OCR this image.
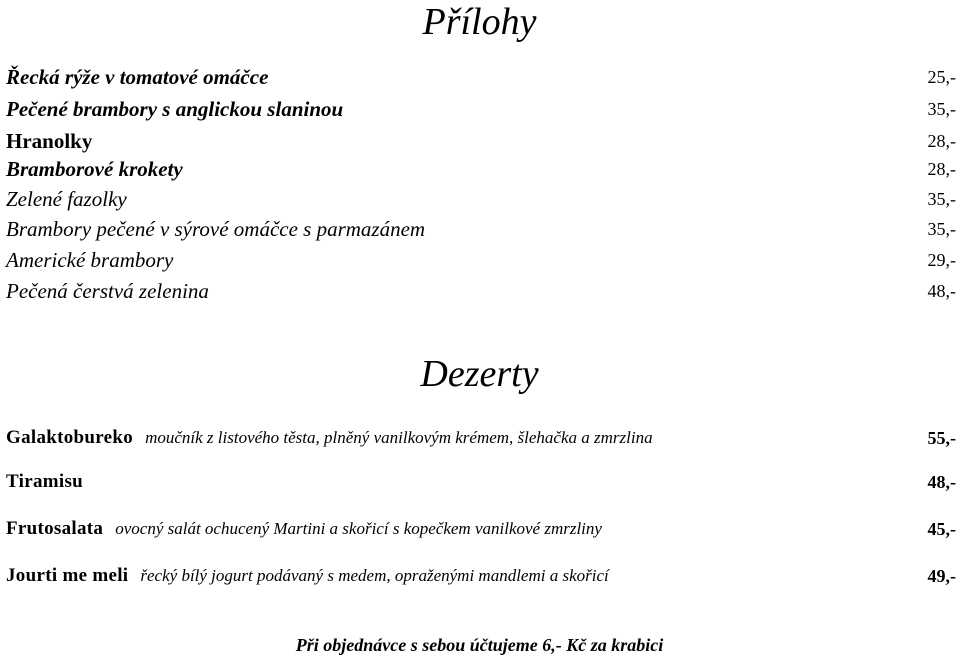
Přílohy
Řecká rýže v tomatové omáčce	25,-
Pečené brambory s anglickou slaninou	35,-
Hranolky	28,-
Bramborové krokety	28,-
Zelené fazolky	35,-
Brambory pečené v sýrové omáčce s parmazánem	35,-
Americké brambory	29,-
Pečená čerstvá zelenina	48,-
Dezerty
Galaktobureko moučník z listového těsta, plněný vanilkovým krémem, šlehačka a zmrzlina	55,-
Tiramisu	48,-
Frutosalata ovocný salát ochucený Martini a skořicí s kopečkem vanilkové zmrzliny	45,-
Jourti me meli řecký bílý jogurt podávaný s medem, opraženými mandlemi a skořicí	49,-
Při objednávce s sebou účtujeme 6,- Kč za krabici
